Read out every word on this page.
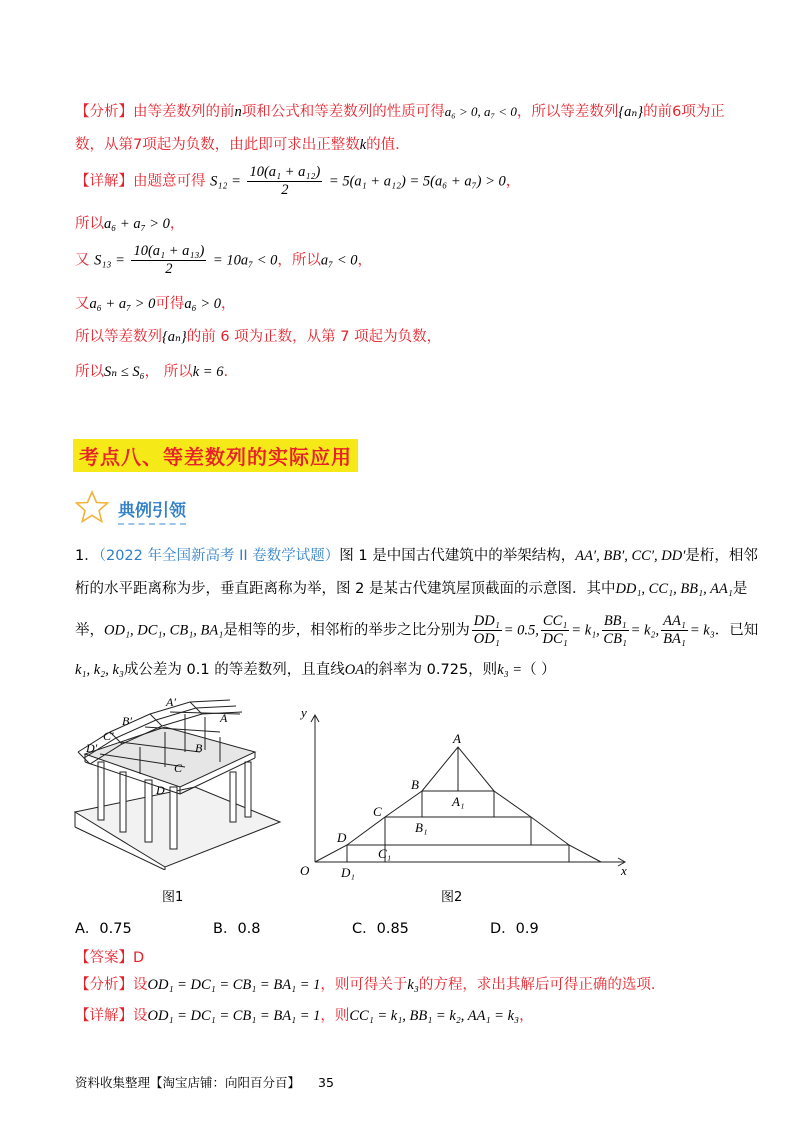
【分析】由等差数列的前n项和公式和等差数列的性质可得a₆ > 0, a₇ < 0，所以等差数列{aₙ}的前6项为正
数，从第7项起为负数，由此即可求出正整数k的值.
【详解】由题意可得 $S_{12} = \frac{\text{10(a₁ + a₁₂)}}{2} = 5(a_1 + a_{12}) = 5(a_6 + a_7) > 0$，
所以a₆ + a₇ > 0，
又 $S_{13} = \frac{\text{10(a₁ + a₁₃)}}{2} = 10a_7 < 0$，所以a₇ < 0，
又a₆ + a₇ > 0可得a₆ > 0，
所以等差数列{aₙ}的前 6 项为正数，从第 7 项起为负数，
所以Sₙ ≤ S₆， 所以k = 6.
考点八、等差数列的实际应用
典例引领
1．（2022 年全国新高考 II 卷数学试题）图 1 是中国古代建筑中的举架结构，AA′, BB′, CC′, DD′是桁，相邻
桁的水平距离称为步，垂直距离称为举，图 2 是某古代建筑屋顶截面的示意图．其中DD₁, CC₁, BB₁, AA₁是
举，OD₁, DC₁, CB₁, BA₁是相等的步，相邻桁的举步之比分别为 $\frac{\text{DD₁}}{\text{OD₁}} = 0.5$, $\frac{\text{CC₁}}{\text{DC₁}} = k_1$, $\frac{\text{BB₁}}{\text{CB₁}} = k_2$, $\frac{\text{AA₁}}{\text{BA₁}} = k_3$．已知
k₁, k₂, k₃成公差为 0.1 的等差数列，且直线OA的斜率为 0.725，则k₃ =（ ）
A′
A
B′
B
C′
C
D′
D
图1
y
x
O
A
B
C
D
A₁
B₁
C₁
D₁
图2
A．0.75	B．0.8	C．0.85	D．0.9
【答案】D
【分析】设OD₁ = DC₁ = CB₁ = BA₁ = 1，则可得关于k₃的方程，求出其解后可得正确的选项.
【详解】设OD₁ = DC₁ = CB₁ = BA₁ = 1，则CC₁ = k₁, BB₁ = k₂, AA₁ = k₃，
资料收集整理【淘宝店铺：向阳百分百】 35
